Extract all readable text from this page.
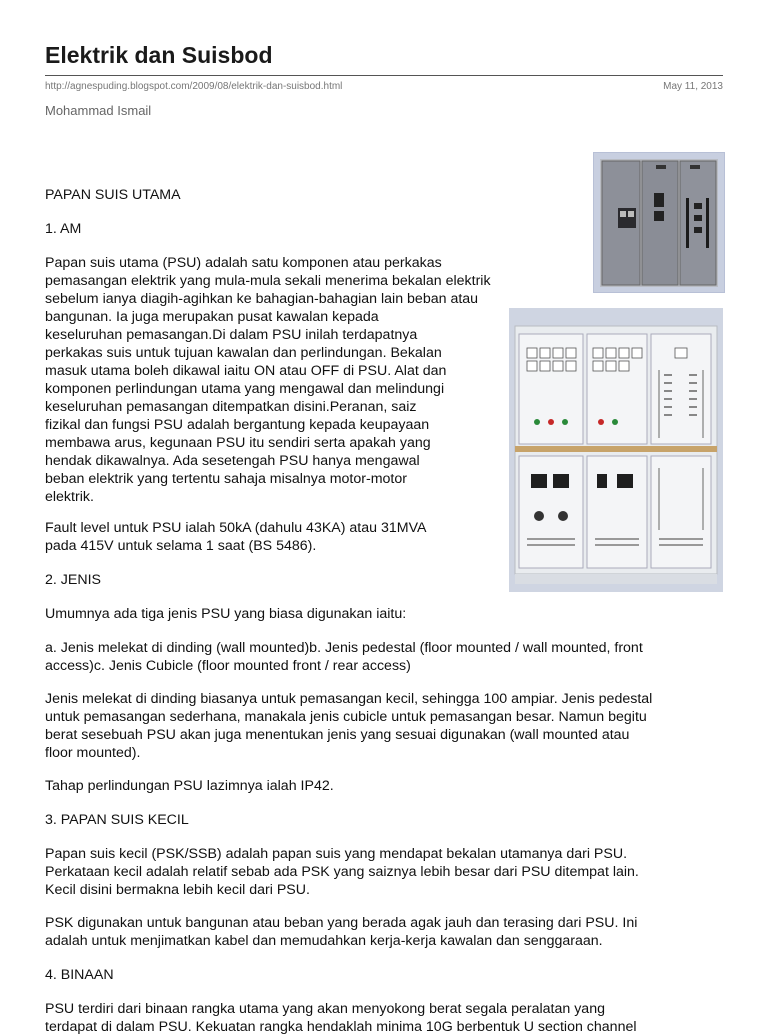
Elektrik dan Suisbod
http://agnespuding.blogspot.com/2009/08/elektrik-dan-suisbod.html	May 11, 2013
Mohammad Ismail
PAPAN SUIS UTAMA
1. AM
Papan suis utama (PSU) adalah satu komponen atau perkakas
pemasangan elektrik yang mula-mula sekali menerima bekalan elektrik
sebelum ianya diagih-agihkan ke bahagian-bahagian lain beban atau
bangunan. Ia juga merupakan pusat kawalan kepada
keseluruhan pemasangan.Di dalam PSU inilah terdapatnya
perkakas suis untuk tujuan kawalan dan perlindungan. Bekalan
masuk utama boleh dikawal iaitu ON atau OFF di PSU. Alat dan
komponen perlindungan utama yang mengawal dan melindungi
keseluruhan pemasangan ditempatkan disini.Peranan, saiz
fizikal dan fungsi PSU adalah bergantung kepada keupayaan
membawa arus, kegunaan PSU itu sendiri serta apakah yang
hendak dikawalnya. Ada sesetengah PSU hanya mengawal
beban elektrik yang tertentu sahaja misalnya motor-motor
elektrik.
Fault level untuk PSU ialah 50kA (dahulu 43KA) atau 31MVA
pada 415V untuk selama 1 saat (BS 5486).
2. JENIS
Umumnya ada tiga jenis PSU yang biasa digunakan iaitu:
a. Jenis melekat di dinding (wall mounted)b. Jenis pedestal (floor mounted / wall mounted, front
access)c. Jenis Cubicle (floor mounted front / rear access)
Jenis melekat di dinding biasanya untuk pemasangan kecil, sehingga 100 ampiar. Jenis pedestal
untuk pemasangan sederhana, manakala jenis cubicle untuk pemasangan besar. Namun begitu
berat sesebuah PSU akan juga menentukan jenis yang sesuai digunakan (wall mounted atau
floor mounted).
Tahap perlindungan PSU lazimnya ialah IP42.
3. PAPAN SUIS KECIL
Papan suis kecil (PSK/SSB) adalah papan suis yang mendapat bekalan utamanya dari PSU.
Perkataan kecil adalah relatif sebab ada PSK yang saiznya lebih besar dari PSU ditempat lain.
Kecil disini bermakna lebih kecil dari PSU.
PSK digunakan untuk bangunan atau beban yang berada agak jauh dan terasing dari PSU. Ini
adalah untuk menjimatkan kabel dan memudahkan kerja-kerja kawalan dan senggaraan.
4. BINAAN
PSU terdiri dari binaan rangka utama yang akan menyokong berat segala peralatan yang
terdapat di dalam PSU. Kekuatan rangka hendaklah minima 10G berbentuk U section channel
